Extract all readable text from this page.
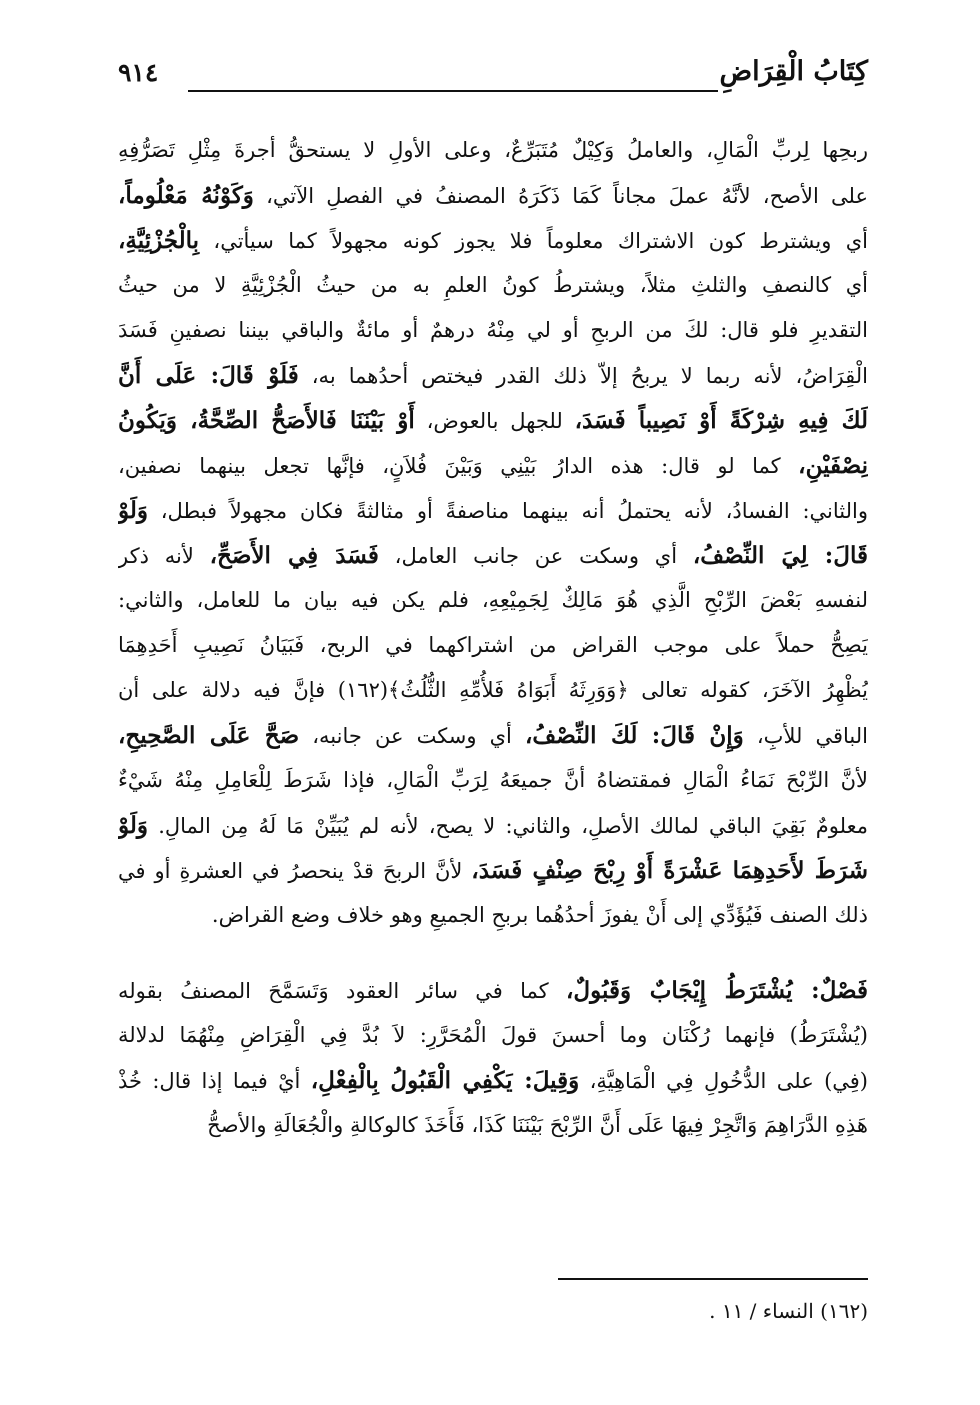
كِتَابُ الْقِرَاضِ
٩١٤
ربحِها لِربِّ الْمَالِ، والعاملُ وَكِيْلٌ مُتَبَرِّعٌ، وعلى الأولِ لا يستحقُّ أجرةَ مِثْلِ تَصَرُّفِهِ
على الأصح، لأنَّهُ عملَ مجاناً كَمَا ذَكَرَهُ المصنفُ في الفصلِ الآتي، وَكَوْنُهُ مَعْلُوماً،
أي ويشترط كون الاشتراك معلوماً فلا يجوز كونه مجهولاً كما سيأتي، بِالْجُزْئِيَّةِ،
أي كالنصفِ والثلثِ مثلاً، ويشترطُ كونُ العلمِ به من حيثُ الْجُزْئِيَّةِ لا من حيثُ
التقديرِ فلو قال: لكَ من الربحِ أو لي مِنْهُ درهمٌ أو مائةٌ والباقي بيننا نصفينِ فَسَدَ
الْقِرَاضُ، لأنه ربما لا يربحُ إلاّ ذلك القدر فيختص أحدُهما به، فَلَوْ قَالَ: عَلَى أَنَّ
لَكَ فِيهِ شِرْكَةً أَوْ نَصِيباً فَسَدَ، للجهل بالعوض، أَوْ بَيْنَنَا فَالأَصَحُّ الصِّحَّةُ، وَيَكُونُ
نِصْفَيْنِ، كما لو قال: هذه الدارُ بَيْنِي وَبَيْنَ فُلاَنٍ، فإنَّها تجعل بينهما نصفين،
والثاني: الفسادُ، لأنه يحتملُ أنه بينهما مناصفةً أو مثالثةً فكان مجهولاً فبطل، وَلَوْ
قَالَ: لِيَ النِّصْفُ، أي وسكت عن جانب العامل، فَسَدَ فِي الأَصَحِّ، لأنه ذكر
لنفسهِ بَعْضَ الرِّبْحِ الَّذِي هُوَ مَالِكٌ لِجَمِيْعِهِ، فلم يكن فيه بيان ما للعامل، والثاني:
يَصِحُّ حملاً على موجب القراض من اشتراكهما في الربح، فَبَيَانُ نَصِيبِ أَحَدِهِمَا
يُظْهِرُ الآخَرَ، كقوله تعالى ﴿وَوَرِثَهُ أَبَوَاهُ فَلأُمِّهِ الثُّلُثُ﴾(١٦٢) فإنَّ فيه دلالة على أن
الباقي للأبِ، وَإِنْ قَالَ: لَكَ النِّصْفُ، أي وسكت عن جانبه، صَحَّ عَلَى الصَّحِيحِ،
لأنَّ الرِّبْحَ نَمَاءُ الْمَالِ فمقتضاهُ أنَّ جميعَهُ لِرَبِّ الْمَالِ، فإذا شَرَطَ لِلْعَامِلِ مِنْهُ شَيْءٌ
معلومٌ بَقِيَ الباقي لمالك الأصلِ، والثاني: لا يصح، لأنه لم يُبَيِّنْ مَا لَهُ مِن المالِ. وَلَوْ
شَرَطَ لأَحَدِهِمَا عَشْرَةً أَوْ رِبْحَ صِنْفٍ فَسَدَ، لأنَّ الربحَ قدْ ينحصرُ في العشرةِ أو في
ذلك الصنف فَيُؤَدِّي إلى أَنْ يفوزَ أحدُهُما بربحِ الجميعِ وهو خلاف وضع القراض.
فَصْلٌ: يُشْتَرَطُ إِيْجَابٌ وَقَبُولٌ، كما في سائر العقود وَتَسَمَّحَ المصنفُ بقوله
(يُشْتَرَطُ) فإنهما رُكْنَان وما أحسنَ قولَ الْمُحَرَّرِ: لاَ بُدَّ فِي الْقِرَاضِ مِنْهُمَا لدلالة
(فِي) على الدُّخُولِ فِي الْمَاهِيَّةِ، وَقِيلَ: يَكْفِي الْقَبُولُ بِالْفِعْلِ، أيْ فيما إذا قال: خُذْ
هَذِهِ الدَّرَاهِمَ وَاتَّجِرْ فِيهَا عَلَى أَنَّ الرِّبْحَ بَيْنَنَا كَذَا، فَأَخَذَ كالوكالةِ والْجُعَالَةِ والأصحُّ
(١٦٢) النساء / ١١ .
